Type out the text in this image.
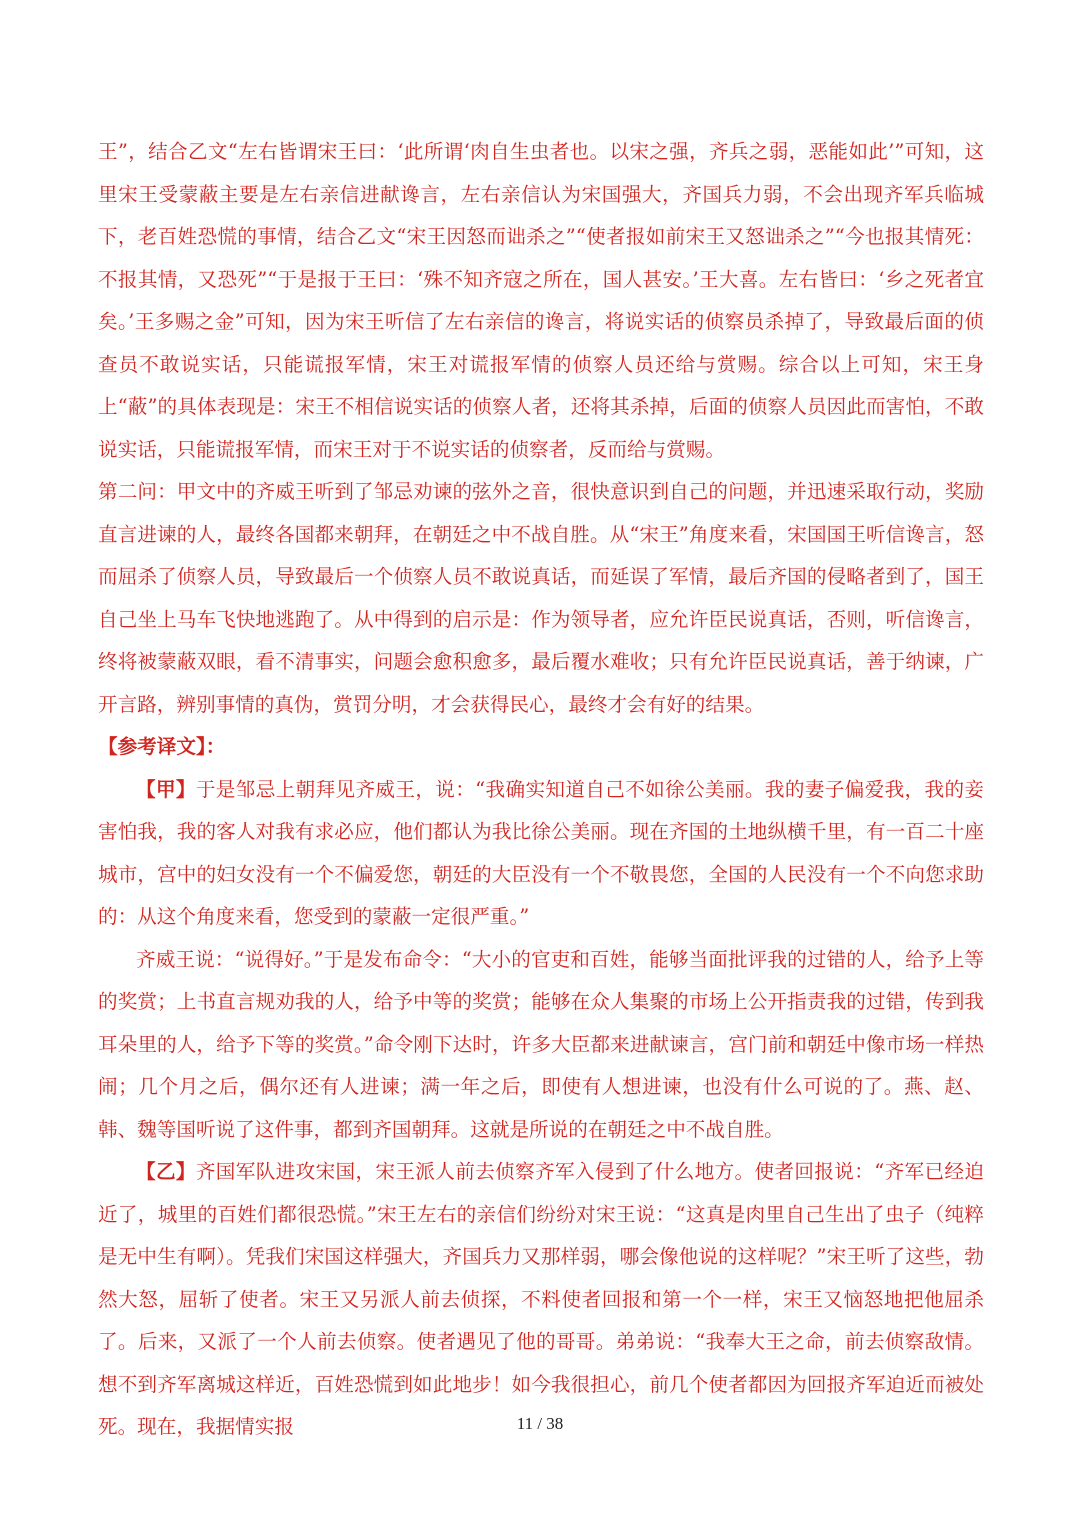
王”，结合乙文“左右皆谓宋王曰：‘此所谓‘肉自生虫者也。以宋之强，齐兵之弱，恶能如此’”可知，这里宋王受蒙蔽主要是左右亲信进献谗言，左右亲信认为宋国强大，齐国兵力弱，不会出现齐军兵临城下，老百姓恐慌的事情，结合乙文“宋王因怒而诎杀之”“使者报如前宋王又怒诎杀之”“今也报其情死：不报其情，又恐死”“于是报于王曰：‘殊不知齐寇之所在，国人甚安。’王大喜。左右皆曰：‘乡之死者宜矣。’王多赐之金”可知，因为宋王听信了左右亲信的谗言，将说实话的侦察员杀掉了，导致最后面的侦查员不敢说实话，只能谎报军情，宋王对谎报军情的侦察人员还给与赏赐。综合以上可知，宋王身上“蔽”的具体表现是：宋王不相信说实话的侦察人者，还将其杀掉，后面的侦察人员因此而害怕，不敢说实话，只能谎报军情，而宋王对于不说实话的侦察者，反而给与赏赐。

第二问：甲文中的齐威王听到了邹忌劝谏的弦外之音，很快意识到自己的问题，并迅速采取行动，奖励直言进谏的人，最终各国都来朝拜，在朝廷之中不战自胜。从“宋王”角度来看，宋国国王听信谗言，怒而屈杀了侦察人员，导致最后一个侦察人员不敢说真话，而延误了军情，最后齐国的侵略者到了，国王自己坐上马车飞快地逃跑了。从中得到的启示是：作为领导者，应允许臣民说真话，否则，听信谗言，终将被蒙蔽双眼，看不清事实，问题会愈积愈多，最后覆水难收；只有允许臣民说真话，善于纳谏，广开言路，辨别事情的真伪，赏罚分明，才会获得民心，最终才会有好的结果。

【参考译文】：

【甲】于是邹忌上朝拜见齐威王，说：“我确实知道自己不如徐公美丽。我的妻子偏爱我，我的妾害怕我，我的客人对我有求必应，他们都认为我比徐公美丽。现在齐国的土地纵横千里，有一百二十座城市，宫中的妇女没有一个不偏爱您，朝廷的大臣没有一个不敬畏您，全国的人民没有一个不向您求助的：从这个角度来看，您受到的蒙蔽一定很严重。”

齐威王说：“说得好。”于是发布命令：“大小的官吏和百姓，能够当面批评我的过错的人，给予上等的奖赏；上书直言规劝我的人，给予中等的奖赏；能够在众人集聚的市场上公开指责我的过错，传到我耳朵里的人，给予下等的奖赏。”命令刚下达时，许多大臣都来进献谏言，宫门前和朝廷中像市场一样热闹；几个月之后，偶尔还有人进谏；满一年之后，即使有人想进谏，也没有什么可说的了。燕、赵、韩、魏等国听说了这件事，都到齐国朝拜。这就是所说的在朝廷之中不战自胜。

【乙】齐国军队进攻宋国，宋王派人前去侦察齐军入侵到了什么地方。使者回报说：“齐军已经迫近了，城里的百姓们都很恐慌。”宋王左右的亲信们纷纷对宋王说：“这真是肉里自己生出了虫子（纯粹是无中生有啊）。凭我们宋国这样强大，齐国兵力又那样弱，哪会像他说的这样呢？”宋王听了这些，勃然大怒，屈斩了使者。宋王又另派人前去侦探，不料使者回报和第一个一样，宋王又恼怒地把他屈杀了。后来，又派了一个人前去侦察。使者遇见了他的哥哥。弟弟说：“我奉大王之命，前去侦察敌情。想不到齐军离城这样近，百姓恐慌到如此地步！如今我很担心，前几个使者都因为回报齐军迫近而被处死。现在，我据情实报	11 / 38
